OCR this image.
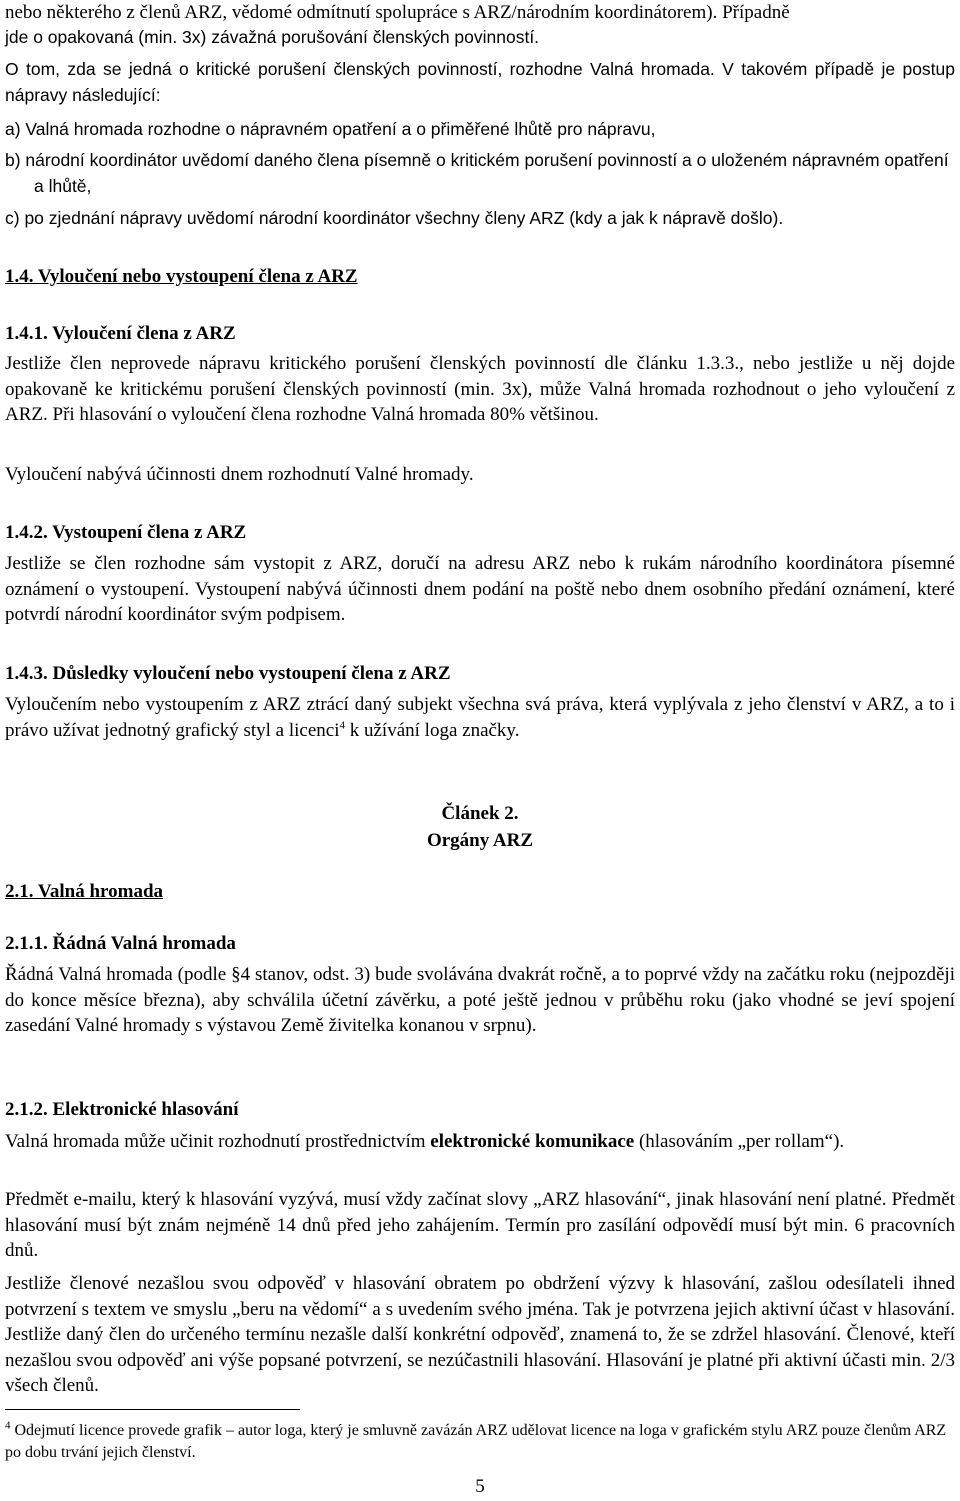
nebo některého z členů ARZ, vědomé odmítnutí spolupráce s ARZ/národním koordinátorem). Případně

jde o opakovaná (min. 3x) závažná porušování členských povinností.

O tom, zda se jedná o kritické porušení členských povinností, rozhodne Valná hromada. V takovém případě je postup nápravy následující:

a) Valná hromada rozhodne o nápravném opatření a o přiměřené lhůtě pro nápravu,

b) národní koordinátor uvědomí daného člena písemně o kritickém porušení povinností a o uloženém nápravném opatření a lhůtě,

c) po zjednání nápravy uvědomí národní koordinátor všechny členy ARZ (kdy a jak k nápravě došlo).

1.4. Vyloučení nebo vystoupení člena z ARZ

1.4.1. Vyloučení člena z ARZ

Jestliže člen neprovede nápravu kritického porušení členských povinností dle článku 1.3.3., nebo jestliže u něj dojde opakovaně ke kritickému porušení členských povinností (min. 3x), může Valná hromada rozhodnout o jeho vyloučení z ARZ. Při hlasování o vyloučení člena rozhodne Valná hromada 80% většinou.

Vyloučení nabývá účinnosti dnem rozhodnutí Valné hromady.

1.4.2. Vystoupení člena z ARZ

Jestliže se člen rozhodne sám vystopit z ARZ, doručí na adresu ARZ nebo k rukám národního koordinátora písemné oznámení o vystoupení. Vystoupení nabývá účinnosti dnem podání na poště nebo dnem osobního předání oznámení, které potvrdí národní koordinátor svým podpisem.

1.4.3. Důsledky vyloučení nebo vystoupení člena z ARZ

Vyloučením nebo vystoupením z ARZ ztrácí daný subjekt všechna svá práva, která vyplývala z jeho členství v ARZ, a to i právo užívat jednotný grafický styl a licenci$^4$ k užívání loga značky.

Článek 2.

Orgány ARZ

2.1. Valná hromada

2.1.1. Řádná Valná hromada

Řádná Valná hromada (podle §4 stanov, odst. 3) bude svolávána dvakrát ročně, a to poprvé vždy na začátku roku (nejpozději do konce měsíce března), aby schválila účetní závěrku, a poté ještě jednou v průběhu roku (jako vhodné se jeví spojení zasedání Valné hromady s výstavou Země živitelka konanou v srpnu).

2.1.2. Elektronické hlasování

Valná hromada může učinit rozhodnutí prostřednictvím elektronické komunikace (hlasováním „per rollam“).

Předmět e-mailu, který k hlasování vyzývá, musí vždy začínat slovy „ARZ hlasování“, jinak hlasování není platné. Předmět hlasování musí být znám nejméně 14 dnů před jeho zahájením. Termín pro zasílání odpovědí musí být min. 6 pracovních dnů.

Jestliže členové nezašlou svou odpověď v hlasování obratem po obdržení výzvy k hlasování, zašlou odesílateli ihned potvrzení s textem ve smyslu „beru na vědomí“ a s uvedením svého jména. Tak je potvrzena jejich aktivní účast v hlasování. Jestliže daný člen do určeného termínu nezašle další konkrétní odpověď, znamená to, že se zdržel hlasování. Členové, kteří nezašlou svou odpověď ani výše popsané potvrzení, se nezúčastnili hlasování. Hlasování je platné při aktivní účasti min. 2/3 všech členů.

$^4$ Odejmutí licence provede grafik – autor loga, který je smluvně zavázán ARZ udělovat licence na loga v grafickém stylu ARZ pouze členům ARZ po dobu trvání jejich členství.

5
